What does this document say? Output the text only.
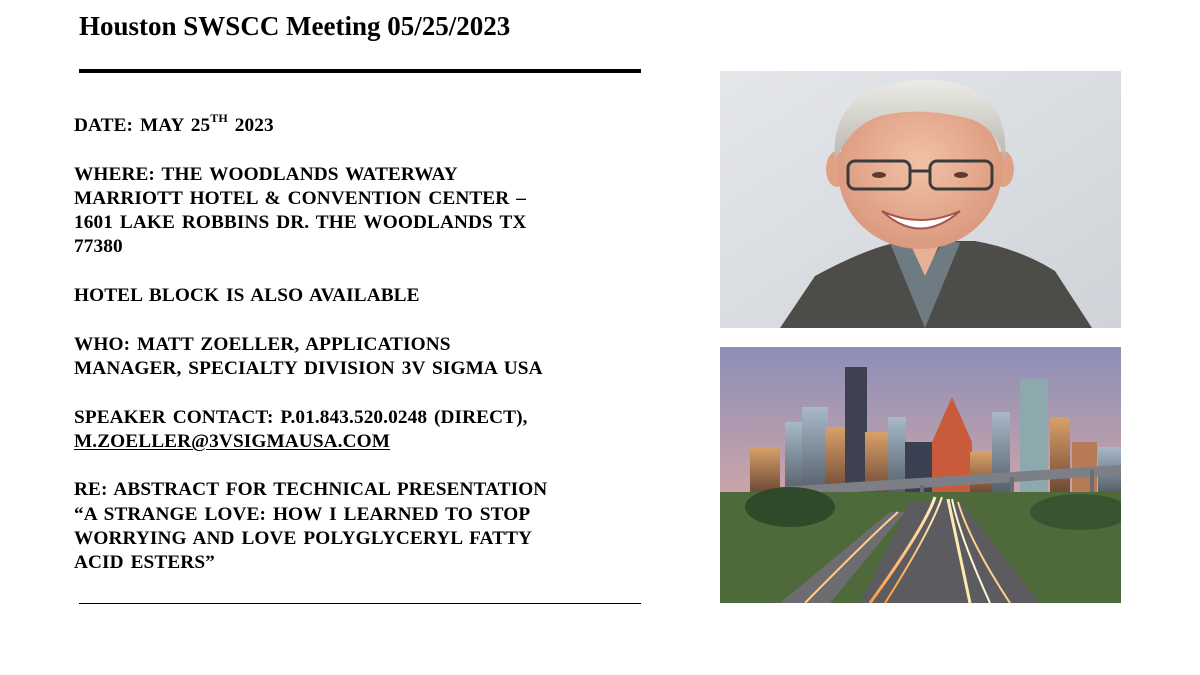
Houston SWSCC Meeting 05/25/2023
DATE: MAY 25TH 2023
WHERE: THE WOODLANDS WATERWAY
MARRIOTT HOTEL & CONVENTION CENTER –
1601 LAKE ROBBINS DR. THE WOODLANDS TX
77380
HOTEL BLOCK IS ALSO AVAILABLE
WHO: MATT ZOELLER, APPLICATIONS
MANAGER, SPECIALTY DIVISION 3V SIGMA USA
SPEAKER CONTACT: P.01.843.520.0248 (DIRECT),
M.ZOELLER@3VSIGMAUSA.COM
RE: ABSTRACT FOR TECHNICAL PRESENTATION
“A STRANGE LOVE: HOW I LEARNED TO STOP
WORRYING AND LOVE POLYGLYCERYL FATTY
ACID ESTERS”
